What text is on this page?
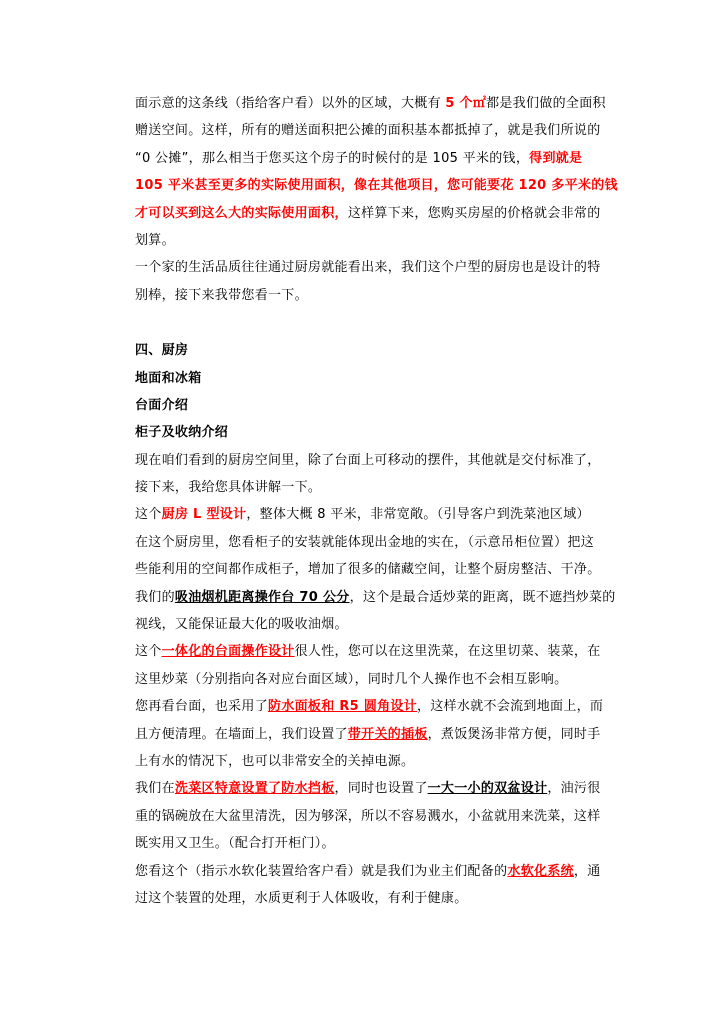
面示意的这条线（指给客户看）以外的区域，大概有 5 个㎡都是我们做的全面积
赠送空间。这样，所有的赠送面积把公摊的面积基本都抵掉了，就是我们所说的
“0 公摊”，那么相当于您买这个房子的时候付的是 105 平米的钱，得到就是
105 平米甚至更多的实际使用面积，像在其他项目，您可能要花 120 多平米的钱
才可以买到这么大的实际使用面积，这样算下来，您购买房屋的价格就会非常的
划算。
一个家的生活品质往往通过厨房就能看出来，我们这个户型的厨房也是设计的特
别棒，接下来我带您看一下。
四、厨房
地面和冰箱
台面介绍
柜子及收纳介绍
现在咱们看到的厨房空间里，除了台面上可移动的摆件，其他就是交付标准了，
接下来，我给您具体讲解一下。
这个厨房 L 型设计，整体大概 8 平米，非常宽敞。（引导客户到洗菜池区域）
在这个厨房里，您看柜子的安装就能体现出金地的实在，（示意吊柜位置）把这
些能利用的空间都作成柜子，增加了很多的储藏空间，让整个厨房整洁、干净。
我们的吸油烟机距离操作台 70 公分，这个是最合适炒菜的距离，既不遮挡炒菜的
视线，又能保证最大化的吸收油烟。
这个一体化的台面操作设计很人性，您可以在这里洗菜，在这里切菜、装菜，在
这里炒菜（分别指向各对应台面区域），同时几个人操作也不会相互影响。
您再看台面，也采用了防水面板和 R5 圆角设计，这样水就不会流到地面上，而
且方便清理。在墙面上，我们设置了带开关的插板，煮饭煲汤非常方便，同时手
上有水的情况下，也可以非常安全的关掉电源。
我们在洗菜区特意设置了防水挡板，同时也设置了一大一小的双盆设计，油污很
重的锅碗放在大盆里清洗，因为够深，所以不容易溅水，小盆就用来洗菜，这样
既实用又卫生。（配合打开柜门）。
您看这个（指示水软化装置给客户看）就是我们为业主们配备的水软化系统，通
过这个装置的处理，水质更利于人体吸收，有利于健康。
